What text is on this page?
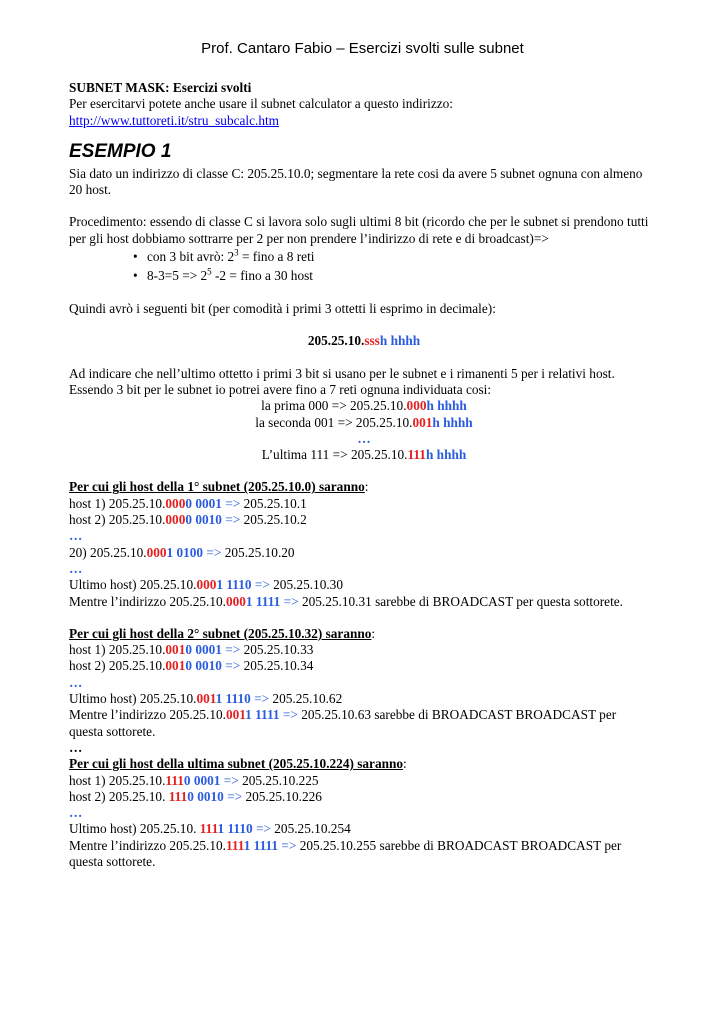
Prof. Cantaro Fabio – Esercizi svolti sulle subnet
SUBNET MASK: Esercizi svolti
Per esercitarvi potete anche usare il subnet calculator a questo indirizzo:
http://www.tuttoreti.it/stru_subcalc.htm
ESEMPIO 1
Sia dato un indirizzo di classe C: 205.25.10.0; segmentare la rete cosi da avere 5 subnet ognuna con almeno 20 host.
Procedimento: essendo di classe C si lavora solo sugli ultimi 8 bit (ricordo che per le subnet si prendono tutti per gli host dobbiamo sottrarre per 2 per non prendere l’indirizzo di rete e di broadcast)=>
• con 3 bit avrò: $2^3$ = fino a 8 reti
• $8-3=5 => 2^5$ -2 = fino a 30 host
Quindi avrò i seguenti bit (per comodità i primi 3 ottetti li esprimo in decimale):
205.25.10.sssh hhhh
Ad indicare che nell’ultimo ottetto i primi 3 bit si usano per le subnet e i rimanenti 5 per i relativi host.
Essendo 3 bit per le subnet io potrei avere fino a 7 reti ognuna individuata cosi:
la prima 000 => 205.25.10.000h hhhh
la seconda 001 => 205.25.10.001h hhhh
…
L’ultima 111 => 205.25.10.111h hhhh
Per cui gli host della 1° subnet (205.25.10.0) saranno:
host 1) 205.25.10.0000 0001 => 205.25.10.1
host 2) 205.25.10.0000 0010 => 205.25.10.2
…
20) 205.25.10.0001 0100 => 205.25.10.20
…
Ultimo host) 205.25.10.0001 1110 => 205.25.10.30
Mentre l’indirizzo 205.25.10.0001 1111 => 205.25.10.31 sarebbe di BROADCAST per questa sottorete.
Per cui gli host della 2° subnet (205.25.10.32) saranno:
host 1) 205.25.10.0010 0001 => 205.25.10.33
host 2) 205.25.10.0010 0010 => 205.25.10.34
…
Ultimo host) 205.25.10.0011 1110 => 205.25.10.62
Mentre l’indirizzo 205.25.10.0011 1111 => 205.25.10.63 sarebbe di BROADCAST BROADCAST per questa sottorete.
…
Per cui gli host della ultima subnet (205.25.10.224) saranno:
host 1) 205.25.10.1110 0001 => 205.25.10.225
host 2) 205.25.10. 1110 0010 => 205.25.10.226
…
Ultimo host) 205.25.10. 1111 1110 => 205.25.10.254
Mentre l’indirizzo 205.25.10.1111 1111 => 205.25.10.255 sarebbe di BROADCAST BROADCAST per questa sottorete.
